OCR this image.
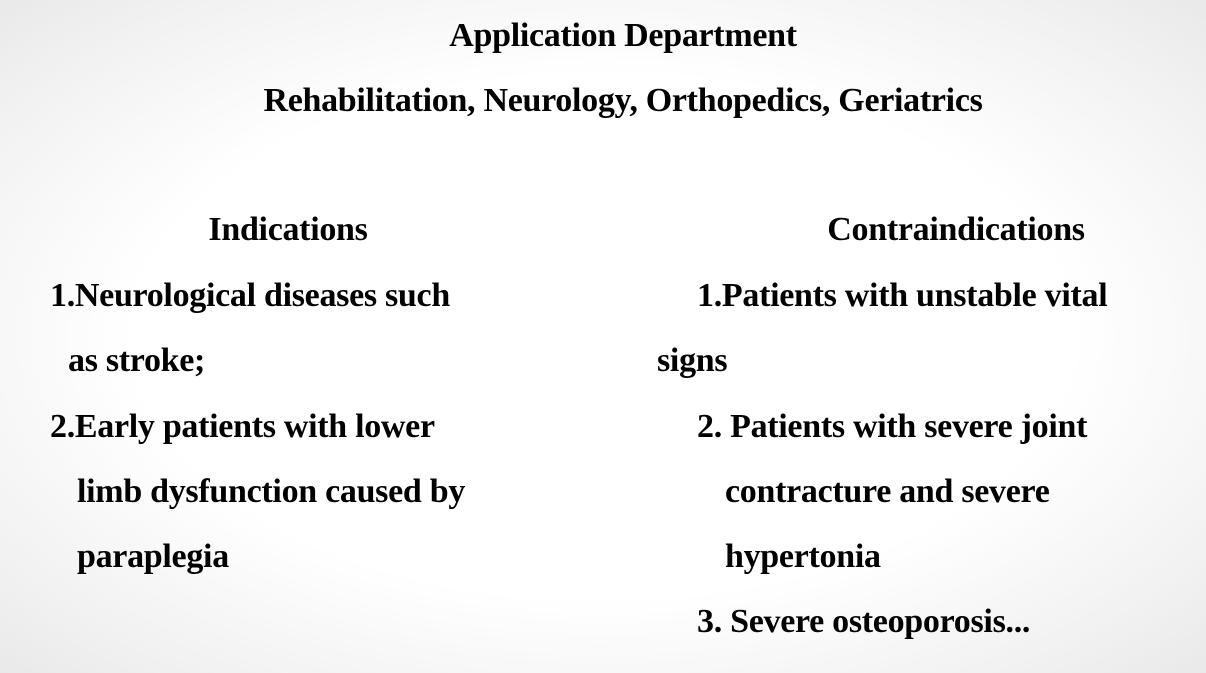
Application Department
Rehabilitation, Neurology, Orthopedics, Geriatrics
Indications
1.Neurological diseases such
as stroke;
2.Early patients with lower
limb dysfunction caused by
paraplegia
Contraindications
1.Patients with unstable vital
signs
2. Patients with severe joint
contracture and severe
hypertonia
3. Severe osteoporosis...
